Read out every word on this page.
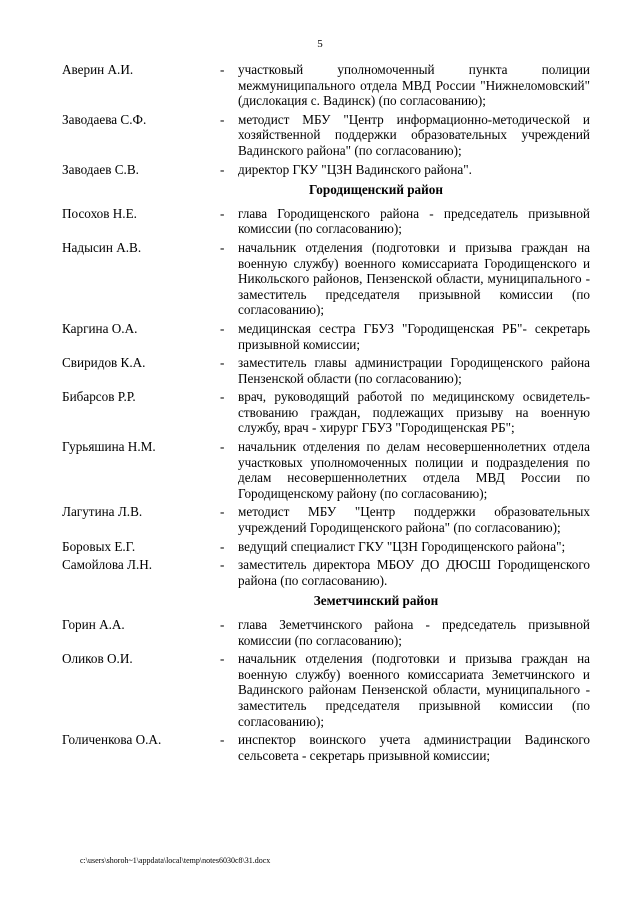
5
Аверин А.И.	-	участковый уполномоченный пункта полиции межмуниципального отдела МВД России "Нижнеломовский" (дислокация с. Вадинск) (по согласованию);
Заводаева С.Ф.	-	методист МБУ "Центр информационно-методической и хозяйственной поддержки образовательных учреждений Вадинского района" (по согласованию);
Заводаев С.В.	-	директор ГКУ "ЦЗН Вадинского района".
Городищенский район
Посохов Н.Е.	-	глава Городищенского района - председатель призывной комиссии (по согласованию);
Надысин А.В.	-	начальник отделения (подготовки и призыва граждан на военную службу) военного комиссариата Городищенского и Никольского районов, Пензенской области, муниципального - заместитель председателя призывной комиссии (по согласованию);
Каргина О.А.	-	медицинская сестра ГБУЗ "Городищенская РБ"- секретарь призывной комиссии;
Свиридов К.А.	-	заместитель главы администрации Городищенского района Пензенской области (по согласованию);
Бибарсов Р.Р.	-	врач, руководящий работой по медицинскому освидетельствованию граждан, подлежащих призыву на военную службу, врач - хирург ГБУЗ "Городищенская РБ";
Гурьяшина Н.М.	-	начальник отделения по делам несовершеннолетних отдела участковых уполномоченных полиции и подразделения по делам несовершеннолетних отдела МВД России по Городищенскому району (по согласованию);
Лагутина Л.В.	-	методист МБУ "Центр поддержки образовательных учреждений Городищенского района" (по согласованию);
Боровых Е.Г.	-	ведущий специалист ГКУ "ЦЗН Городищенского района";
Самойлова Л.Н.	-	заместитель директора МБОУ ДО ДЮСШ Городищенского района (по согласованию).
Земетчинский район
Горин А.А.	-	глава Земетчинского района - председатель призывной комиссии (по согласованию);
Оликов О.И.	-	начальник отделения (подготовки и призыва граждан на военную службу) военного комиссариата Земетчинского и Вадинского районам Пензенской области, муниципального - заместитель председателя призывной комиссии (по согласованию);
Голиченкова О.А.	-	инспектор воинского учета администрации Вадинского сельсовета - секретарь призывной комиссии;
c:\users\shoroh~1\appdata\local\temp\notes6030c8\31.docx
